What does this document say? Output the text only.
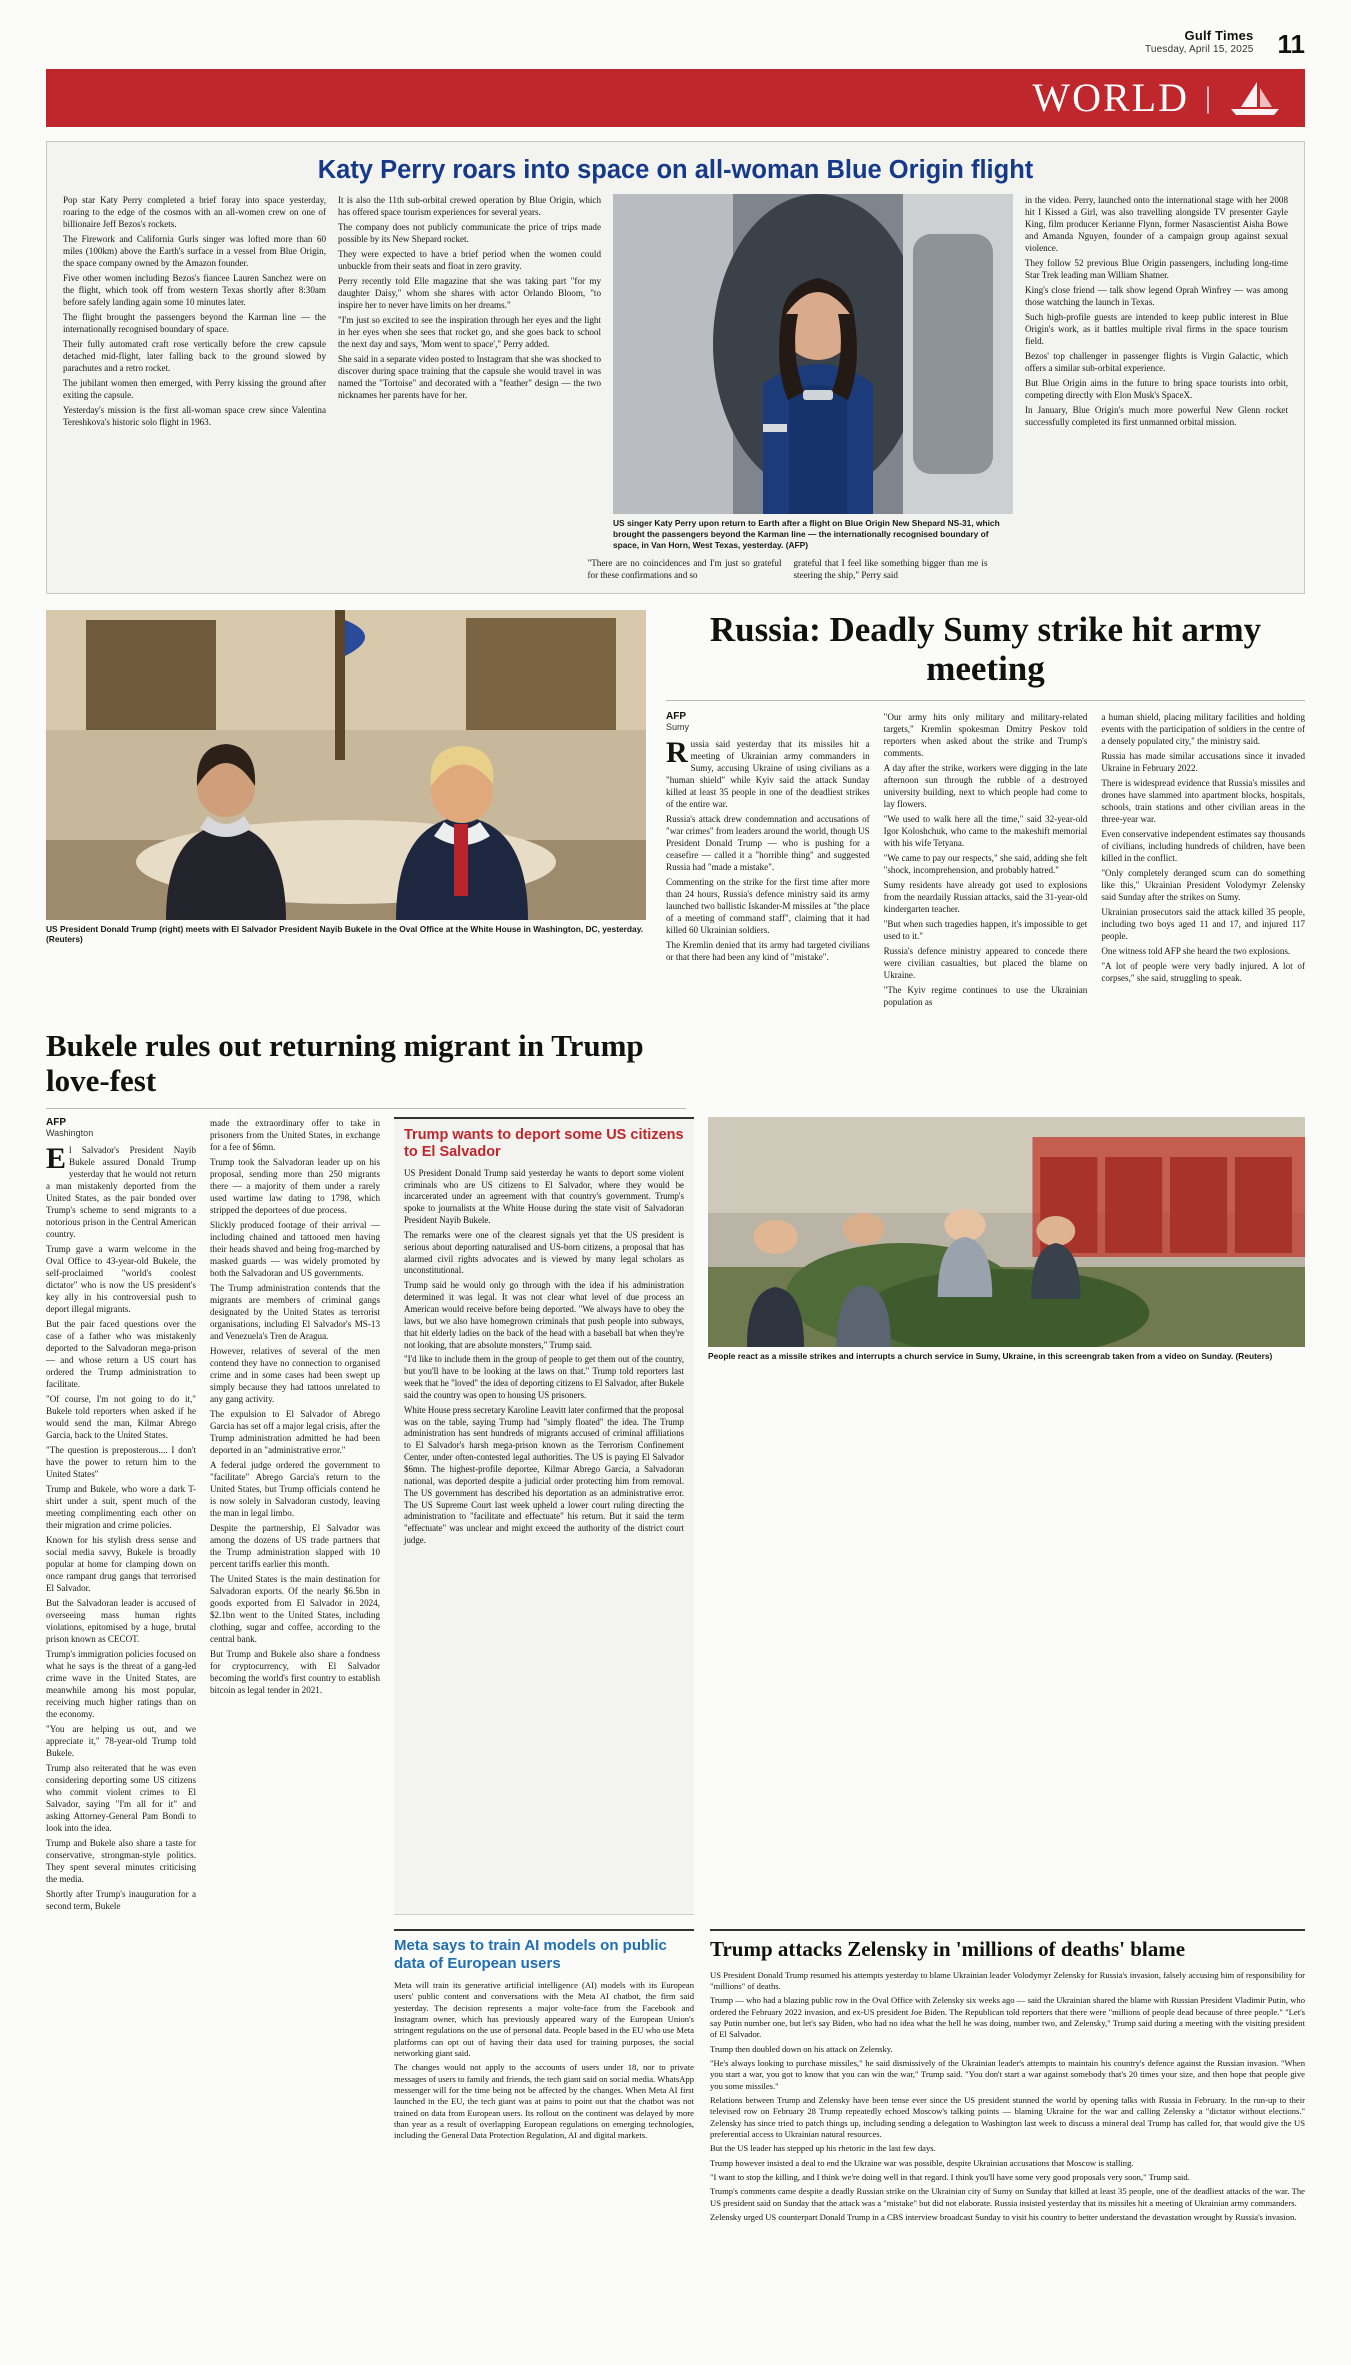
Gulf Times
Tuesday, April 15, 2025 11
WORLD |
Katy Perry roars into space on all-woman Blue Origin flight

Pop star Katy Perry completed a brief foray into space yesterday, roaring to the edge of the cosmos with an all-women crew on one of billionaire Jeff Bezos's rockets.

The Firework and California Gurls singer was lofted more than 60 miles (100km) above the Earth's surface in a vessel from Blue Origin, the space company owned by the Amazon founder.

Five other women including Bezos's fiancee Lauren Sanchez were on the flight, which took off from western Texas shortly after 8:30am before safely landing again some 10 minutes later.

The flight brought the passengers beyond the Karman line — the internationally recognised boundary of space.

Their fully automated craft rose vertically before the crew capsule detached mid-flight, later falling back to the ground slowed by parachutes and a retro rocket.

The jubilant women then emerged, with Perry kissing the ground after exiting the capsule.

Yesterday's mission is the first all-woman space crew since Valentina Tereshkova's historic solo flight in 1963.

It is also the 11th sub-orbital crewed operation by Blue Origin, which has offered space tourism experiences for several years.

The company does not publicly communicate the price of trips made possible by its New Shepard rocket.

They were expected to have a brief period when the women could unbuckle from their seats and float in zero gravity.

Perry recently told Elle magazine that she was taking part "for my daughter Daisy," whom she shares with actor Orlando Bloom, "to inspire her to never have limits on her dreams."

"I'm just so excited to see the inspiration through her eyes and the light in her eyes when she sees that rocket go, and she goes back to school the next day and says, 'Mom went to space'," Perry added.

She said in a separate video posted to Instagram that she was shocked to discover during space training that the capsule she would travel in was named the "Tortoise" and decorated with a "feather" design — the two nicknames her parents have for her.

US singer Katy Perry upon return to Earth after a flight on Blue Origin New Shepard NS-31, which brought the passengers beyond the Karman line — the internationally recognised boundary of space, in Van Horn, West Texas, yesterday. (AFP)

in the video. Perry, launched onto the international stage with her 2008 hit I Kissed a Girl, was also travelling alongside TV presenter Gayle King, film producer Kerianne Flynn, former Nasascientist Aisha Bowe and Amanda Nguyen, founder of a campaign group against sexual violence.

They follow 52 previous Blue Origin passengers, including long-time Star Trek leading man William Shatner.

King's close friend — talk show legend Oprah Winfrey — was among those watching the launch in Texas.

Such high-profile guests are intended to keep public interest in Blue Origin's work, as it battles multiple rival firms in the space tourism field.

Bezos' top challenger in passenger flights is Virgin Galactic, which offers a similar sub-orbital experience.

But Blue Origin aims in the future to bring space tourists into orbit, competing directly with Elon Musk's SpaceX.

In January, Blue Origin's much more powerful New Glenn rocket successfully completed its first unmanned orbital mission.

"There are no coincidences and I'm just so grateful for these confirmations and so
grateful that I feel like something bigger than me is steering the ship," Perry said
US President Donald Trump (right) meets with El Salvador President Nayib Bukele in the Oval Office at the White House in Washington, DC, yesterday. (Reuters)
Russia: Deadly Sumy strike hit army meeting
AFP
Sumy

Russia said yesterday that its missiles hit a meeting of Ukrainian army commanders in Sumy, accusing Ukraine of using civilians as a "human shield" while Kyiv said the attack Sunday killed at least 35 people in one of the deadliest strikes of the entire war.

Russia's attack drew condemnation and accusations of "war crimes" from leaders around the world, though US President Donald Trump — who is pushing for a ceasefire — called it a "horrible thing" and suggested Russia had "made a mistake".

Commenting on the strike for the first time after more than 24 hours, Russia's defence ministry said its army launched two ballistic Iskander-M missiles at "the place of a meeting of command staff", claiming that it had killed 60 Ukrainian soldiers.

The Kremlin denied that its army had targeted civilians or that there had been any kind of "mistake".

"Our army hits only military and military-related targets," Kremlin spokesman Dmitry Peskov told reporters when asked about the strike and Trump's comments.

A day after the strike, workers were digging in the late afternoon sun through the rubble of a destroyed university building, next to which people had come to lay flowers.

"We used to walk here all the time," said 32-year-old Igor Koloshchuk, who came to the makeshift memorial with his wife Tetyana.

"We came to pay our respects," she said, adding she felt "shock, incomprehension, and probably hatred."

Sumy residents have already got used to explosions from the neardaily Russian attacks, said the 31-year-old kindergarten teacher.

"But when such tragedies happen, it's impossible to get used to it."

Russia's defence ministry appeared to concede there were civilian casualties, but placed the blame on Ukraine.

"The Kyiv regime continues to use the Ukrainian population as

a human shield, placing military facilities and holding events with the participation of soldiers in the centre of a densely populated city," the ministry said.

Russia has made similar accusations since it invaded Ukraine in February 2022.

There is widespread evidence that Russia's missiles and drones have slammed into apartment blocks, hospitals, schools, train stations and other civilian areas in the three-year war.

Even conservative independent estimates say thousands of civilians, including hundreds of children, have been killed in the conflict.

"Only completely deranged scum can do something like this," Ukrainian President Volodymyr Zelensky said Sunday after the strikes on Sumy.

Ukrainian prosecutors said the attack killed 35 people, including two boys aged 11 and 17, and injured 117 people.

One witness told AFP she heard the two explosions.

"A lot of people were very badly injured. A lot of corpses," she said, struggling to speak.

Bukele rules out returning migrant in Trump love-fest
AFP
Washington

El Salvador's President Nayib Bukele assured Donald Trump yesterday that he would not return a man mistakenly deported from the United States, as the pair bonded over Trump's scheme to send migrants to a notorious prison in the Central American country.

Trump gave a warm welcome in the Oval Office to 43-year-old Bukele, the self-proclaimed "world's coolest dictator" who is now the US president's key ally in his controversial push to deport illegal migrants.

But the pair faced questions over the case of a father who was mistakenly deported to the Salvadoran mega-prison — and whose return a US court has ordered the Trump administration to facilitate.

"Of course, I'm not going to do it," Bukele told reporters when asked if he would send the man, Kilmar Abrego Garcia, back to the United States.

"The question is preposterous.... I don't have the power to return him to the United States"

Trump and Bukele, who wore a dark T-shirt under a suit, spent much of the meeting complimenting each other on their migration and crime policies.

Known for his stylish dress sense and social media savvy, Bukele is broadly popular at home for clamping down on once rampant drug gangs that terrorised El Salvador.

But the Salvadoran leader is accused of overseeing mass human rights violations, epitomised by a huge, brutal prison known as CECOT.

Trump's immigration policies focused on what he says is the threat of a gang-led crime wave in the United States, are meanwhile among his most popular, receiving much higher ratings than on the economy.

"You are helping us out, and we appreciate it," 78-year-old Trump told Bukele.

Trump also reiterated that he was even considering deporting some US citizens who commit violent crimes to El Salvador, saying "I'm all for it" and asking Attorney-General Pam Bondi to look into the idea.

Trump and Bukele also share a taste for conservative, strongman-style politics. They spent several minutes criticising the media.

Shortly after Trump's inauguration for a second term, Bukele

made the extraordinary offer to take in prisoners from the United States, in exchange for a fee of $6mn.

Trump took the Salvadoran leader up on his proposal, sending more than 250 migrants there — a majority of them under a rarely used wartime law dating to 1798, which stripped the deportees of due process.

Slickly produced footage of their arrival — including chained and tattooed men having their heads shaved and being frog-marched by masked guards — was widely promoted by both the Salvadoran and US governments.

The Trump administration contends that the migrants are members of criminal gangs designated by the United States as terrorist organisations, including El Salvador's MS-13 and Venezuela's Tren de Aragua.

However, relatives of several of the men contend they have no connection to organised crime and in some cases had been swept up simply because they had tattoos unrelated to any gang activity.

The expulsion to El Salvador of Abrego Garcia has set off a major legal crisis, after the Trump administration admitted he had been deported in an "administrative error."

A federal judge ordered the government to "facilitate" Abrego Garcia's return to the United States, but Trump officials contend he is now solely in Salvadoran custody, leaving the man in legal limbo.

Despite the partnership, El Salvador was among the dozens of US trade partners that the Trump administration slapped with 10 percent tariffs earlier this month.

The United States is the main destination for Salvadoran exports. Of the nearly $6.5bn in goods exported from El Salvador in 2024, $2.1bn went to the United States, including clothing, sugar and coffee, according to the central bank.

But Trump and Bukele also share a fondness for cryptocurrency, with El Salvador becoming the world's first country to establish bitcoin as legal tender in 2021.

Trump wants to deport some US citizens to El Salvador

US President Donald Trump said yesterday he wants to deport some violent criminals who are US citizens to El Salvador, where they would be incarcerated under an agreement with that country's government. Trump's spoke to journalists at the White House during the state visit of Salvadoran President Nayib Bukele.

The remarks were one of the clearest signals yet that the US president is serious about deporting naturalised and US-born citizens, a proposal that has alarmed civil rights advocates and is viewed by many legal scholars as unconstitutional.

Trump said he would only go through with the idea if his administration determined it was legal. It was not clear what level of due process an American would receive before being deported. "We always have to obey the laws, but we also have homegrown criminals that push people into subways, that hit elderly ladies on the back of the head with a baseball bat when they're not looking, that are absolute monsters," Trump said.

"I'd like to include them in the group of people to get them out of the country, but you'll have to be looking at the laws on that." Trump told reporters last week that he "loved" the idea of deporting citizens to El Salvador, after Bukele said the country was open to housing US prisoners.

White House press secretary Karoline Leavitt later confirmed that the proposal was on the table, saying Trump had "simply floated" the idea. The Trump administration has sent hundreds of migrants accused of criminal affiliations to El Salvador's harsh mega-prison known as the Terrorism Confinement Center, under often-contested legal authorities. The US is paying El Salvador $6mn. The highest-profile deportee, Kilmar Abrego Garcia, a Salvadoran national, was deported despite a judicial order protecting him from removal. The US government has described his deportation as an administrative error. The US Supreme Court last week upheld a lower court ruling directing the administration to "facilitate and effectuate" his return. But it said the term "effectuate" was unclear and might exceed the authority of the district court judge.

People react as a missile strikes and interrupts a church service in Sumy, Ukraine, in this screengrab taken from a video on Sunday. (Reuters)
Meta says to train AI models on public data of European users

Meta will train its generative artificial intelligence (AI) models with its European users' public content and conversations with the Meta AI chatbot, the firm said yesterday. The decision represents a major volte-face from the Facebook and Instagram owner, which has previously appeared wary of the European Union's stringent regulations on the use of personal data. People based in the EU who use Meta platforms can opt out of having their data used for training purposes, the social networking giant said.

The changes would not apply to the accounts of users under 18, nor to private messages of users to family and friends, the tech giant said on social media. WhatsApp messenger will for the time being not be affected by the changes. When Meta AI first launched in the EU, the tech giant was at pains to point out that the chatbot was not trained on data from European users. Its rollout on the continent was delayed by more than year as a result of overlapping European regulations on emerging technologies, including the General Data Protection Regulation, AI and digital markets.

Trump attacks Zelensky in 'millions of deaths' blame

US President Donald Trump resumed his attempts yesterday to blame Ukrainian leader Volodymyr Zelensky for Russia's invasion, falsely accusing him of responsibility for "millions" of deaths.

Trump — who had a blazing public row in the Oval Office with Zelensky six weeks ago — said the Ukrainian shared the blame with Russian President Vladimir Putin, who ordered the February 2022 invasion, and ex-US president Joe Biden. The Republican told reporters that there were "millions of people dead because of three people." "Let's say Putin number one, but let's say Biden, who had no idea what the hell he was doing, number two, and Zelensky," Trump said during a meeting with the visiting president of El Salvador.

Trump then doubled down on his attack on Zelensky.

"He's always looking to purchase missiles," he said dismissively of the Ukrainian leader's attempts to maintain his country's defence against the Russian invasion. "When you start a war, you got to know that you can win the war," Trump said. "You don't start a war against somebody that's 20 times your size, and then hope that people give you some missiles."

Relations between Trump and Zelensky have been tense ever since the US president stunned the world by opening talks with Russia in February. In the run-up to their televised row on February 28 Trump repeatedly echoed Moscow's talking points — blaming Ukraine for the war and calling Zelensky a "dictator without elections." Zelensky has since tried to patch things up, including sending a delegation to Washington last week to discuss a mineral deal Trump has called for, that would give the US preferential access to Ukrainian natural resources.

But the US leader has stepped up his rhetoric in the last few days.

Trump however insisted a deal to end the Ukraine war was possible, despite Ukrainian accusations that Moscow is stalling.

"I want to stop the killing, and I think we're doing well in that regard. I think you'll have some very good proposals very soon," Trump said.

Trump's comments came despite a deadly Russian strike on the Ukrainian city of Sumy on Sunday that killed at least 35 people, one of the deadliest attacks of the war. The US president said on Sunday that the attack was a "mistake" but did not elaborate. Russia insisted yesterday that its missiles hit a meeting of Ukrainian army commanders.

Zelensky urged US counterpart Donald Trump in a CBS interview broadcast Sunday to visit his country to better understand the devastation wrought by Russia's invasion.
